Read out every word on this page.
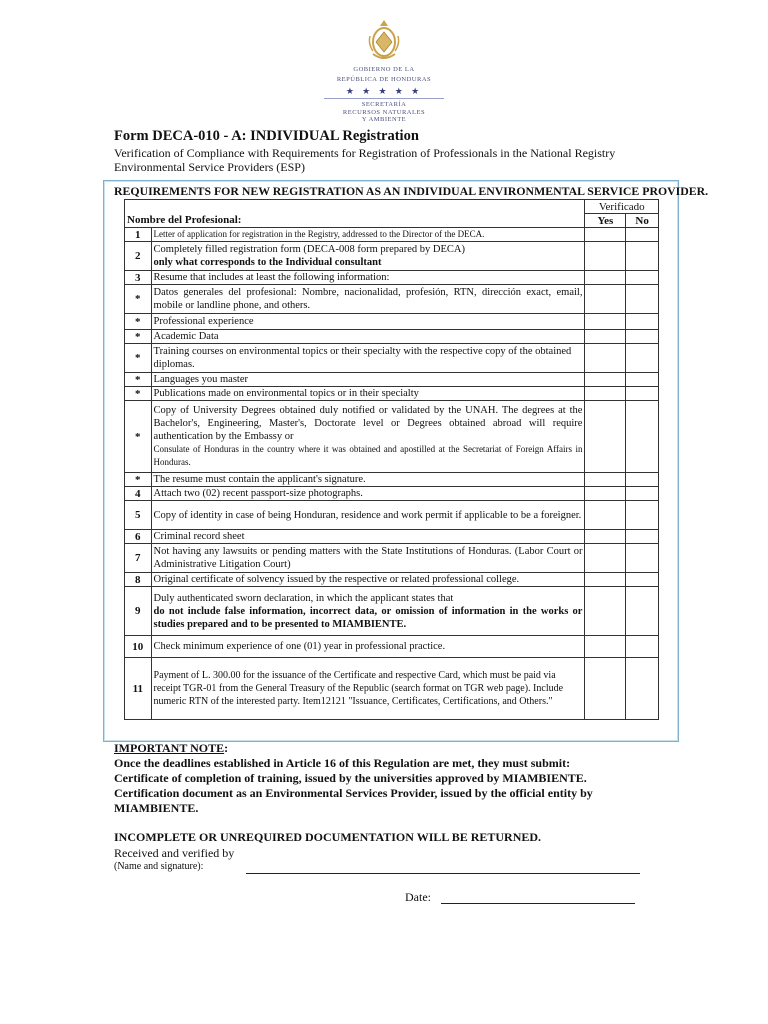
GOBIERNO DE LA
REPÚBLICA DE HONDURAS
★ ★ ★ ★ ★
SECRETARÍA
RECURSOS NATURALES
Y AMBIENTE
Form DECA-010 - A: INDIVIDUAL Registration
Verification of Compliance with Requirements for Registration of Professionals in the National Registry Environmental Service Providers (ESP)
REQUIREMENTS FOR NEW REGISTRATION AS AN INDIVIDUAL ENVIRONMENTAL SERVICE PROVIDER.
Nombre del Profesional:		Verificado	
		Yes	No
1	Letter of application for registration in the Registry, addressed to the Director of the DECA.		
2	Completely filled registration form (DECA-008 form prepared by DECA)
only what corresponds to the Individual consultant		
3	Resume that includes at least the following information:		
*	Datos generales del profesional: Nombre, nacionalidad, profesión, RTN, dirección exact, email, mobile or landline phone, and others.		
*	Professional experience		
*	Academic Data		
*	Training courses on environmental topics or their specialty with the respective copy of the obtained diplomas.		
*	Languages you master		
*	Publications made on environmental topics or in their specialty		
*	Copy of University Degrees obtained duly notified or validated by the UNAH. The degrees at the Bachelor's, Engineering, Master's, Doctorate level or Degrees obtained abroad will require authentication by the Embassy or
Consulate of Honduras in the country where it was obtained and apostilled at the Secretariat of Foreign Affairs in Honduras.		
*	The resume must contain the applicant's signature.		
4	Attach two (02) recent passport-size photographs.		
5	Copy of identity in case of being Honduran, residence and work permit if applicable to be a foreigner.		
6	Criminal record sheet		
7	Not having any lawsuits or pending matters with the State Institutions of Honduras. (Labor Court or Administrative Litigation Court)		
8	Original certificate of solvency issued by the respective or related professional college.		
9	Duly authenticated sworn declaration, in which the applicant states that
do not include false information, incorrect data, or omission of information in the works or studies prepared and to be presented to MIAMBIENTE.		
10	Check minimum experience of one (01) year in professional practice.		
11	Payment of L. 300.00 for the issuance of the Certificate and respective Card, which must be paid via receipt TGR-01 from the General Treasury of the Republic (search format on TGR web page). Include numeric RTN of the interested party. Item12121 "Issuance, Certificates, Certifications, and Others."		
IMPORTANT NOTE:
Once the deadlines established in Article 16 of this Regulation are met, they must submit:
Certificate of completion of training, issued by the universities approved by MIAMBIENTE.
Certification document as an Environmental Services Provider, issued by the official entity by MIAMBIENTE.
INCOMPLETE OR UNREQUIRED DOCUMENTATION WILL BE RETURNED.
Received and verified by
(Name and signature):
Date:
